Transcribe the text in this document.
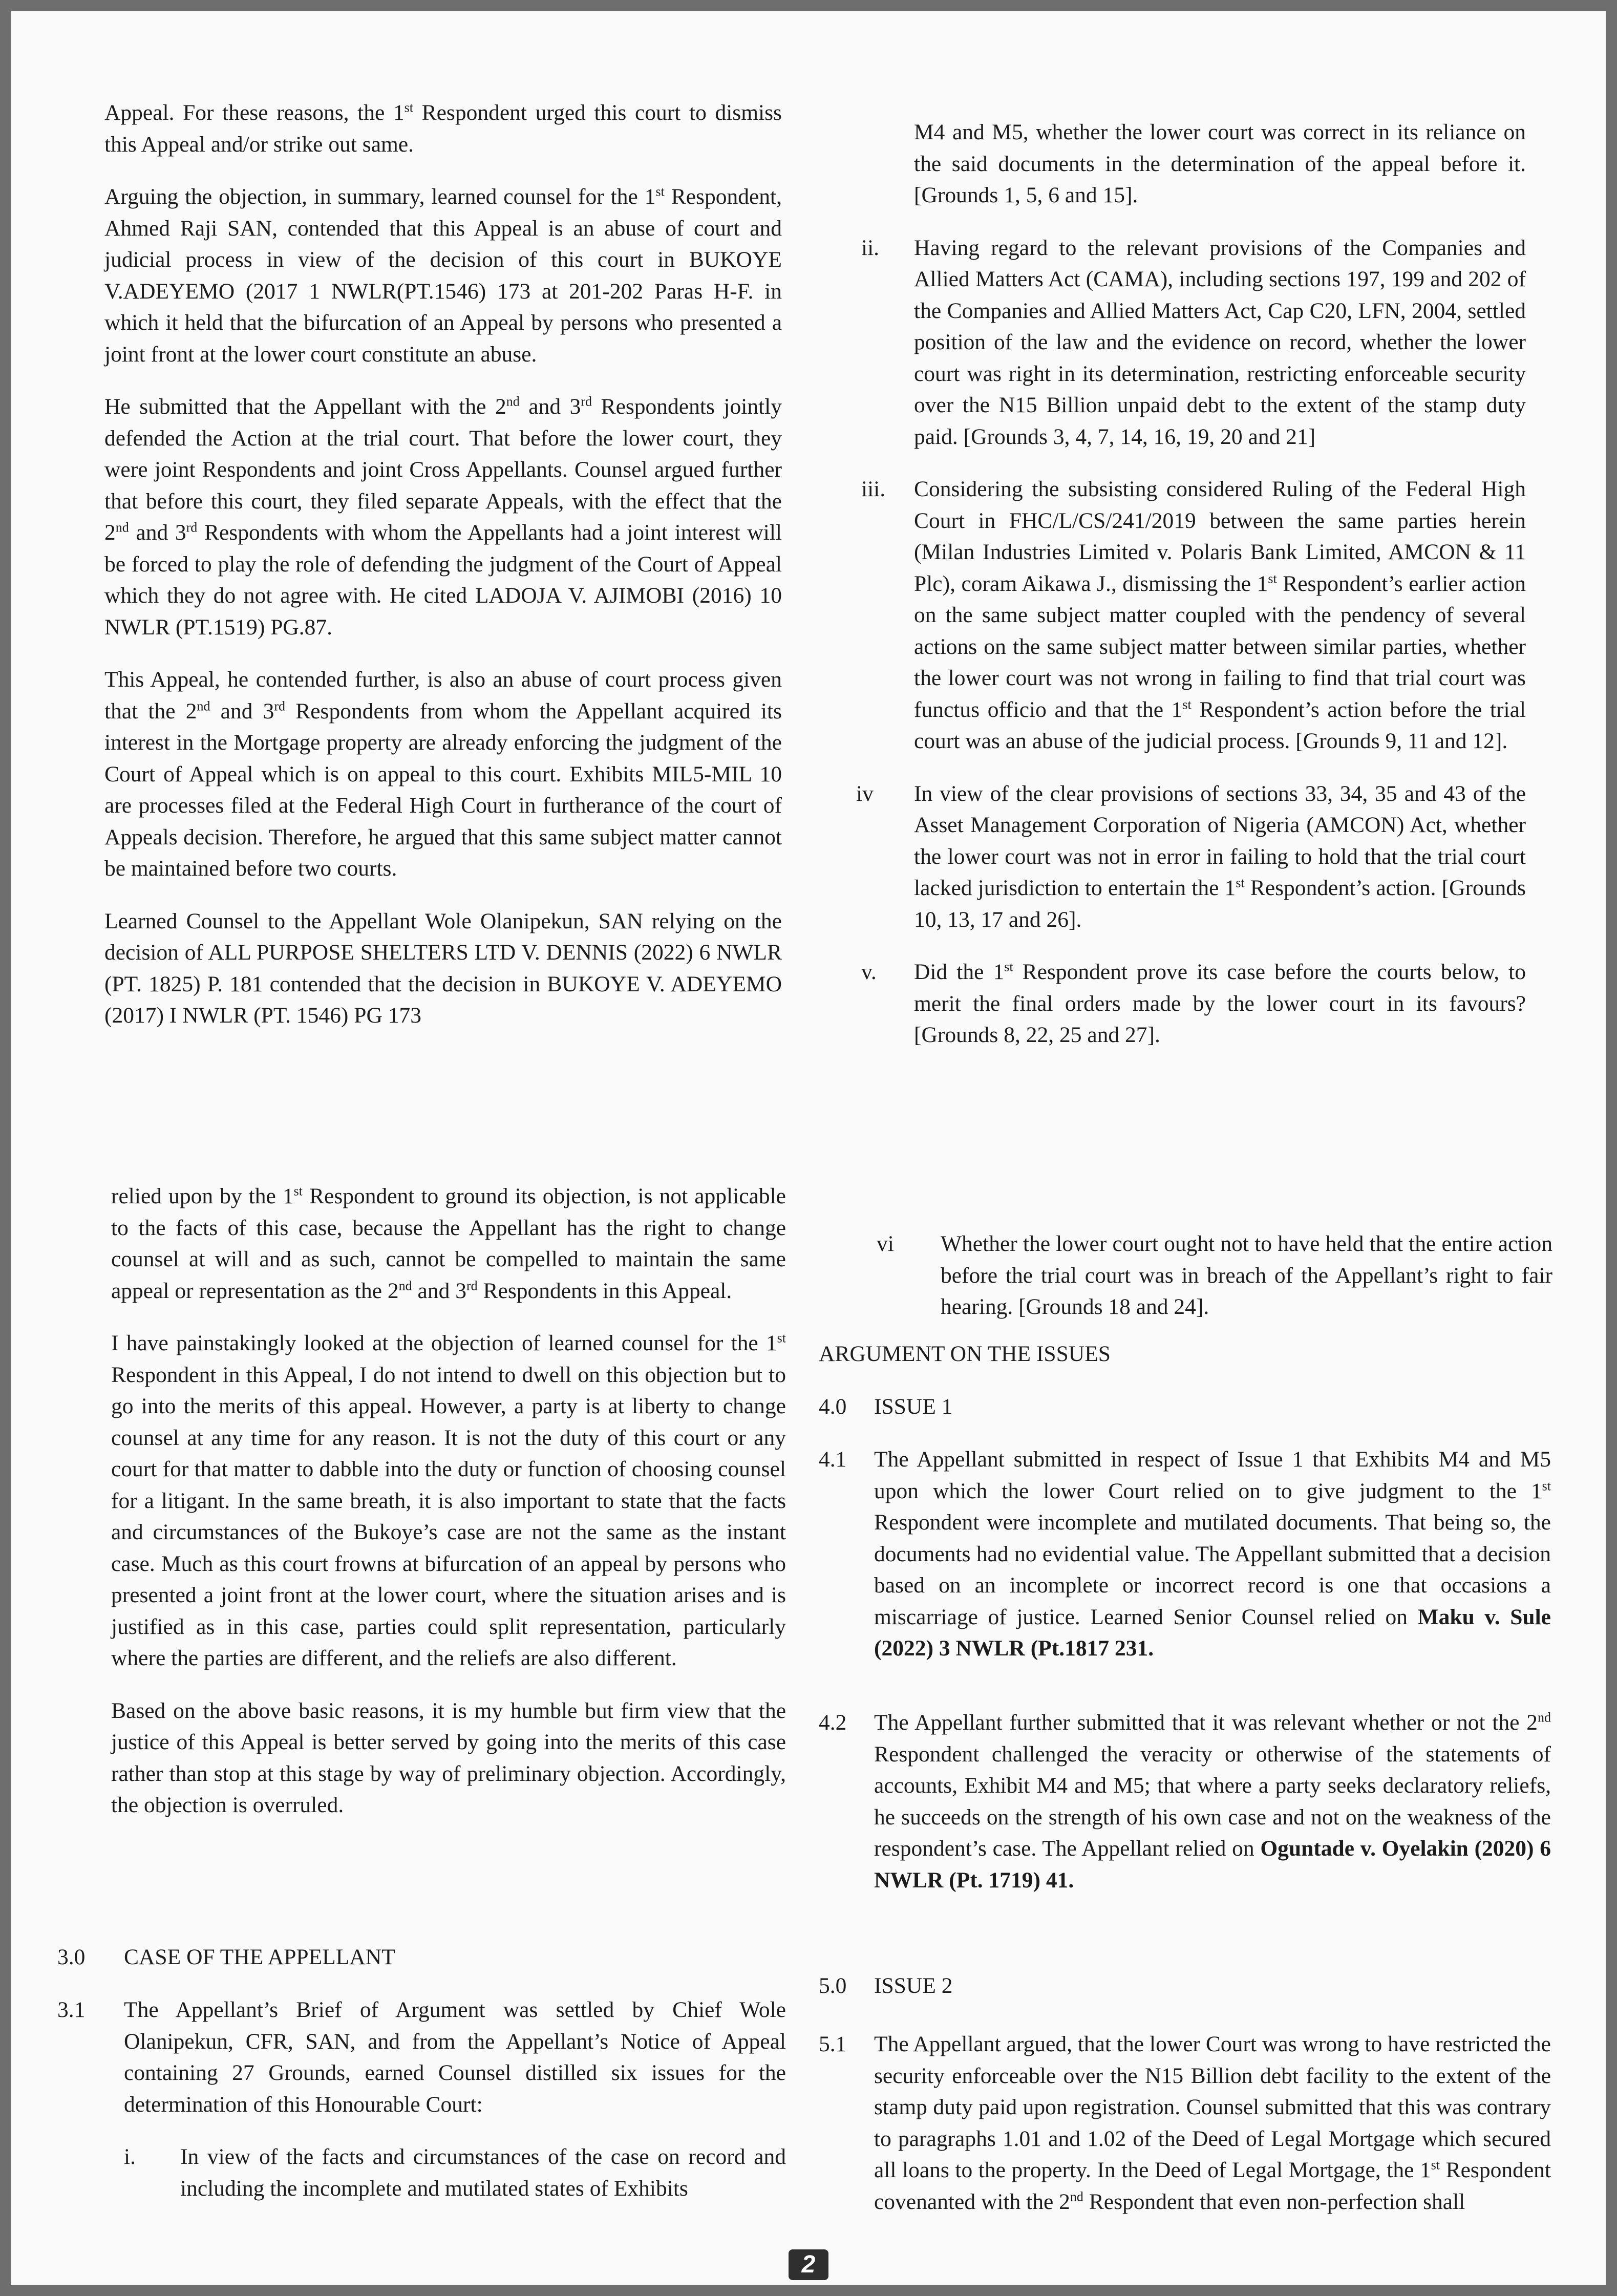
Appeal. For these reasons, the 1st Respondent urged this court to dismiss this Appeal and/or strike out same.

Arguing the objection, in summary, learned counsel for the 1st Respondent, Ahmed Raji SAN, contended that this Appeal is an abuse of court and judicial process in view of the decision of this court in BUKOYE V.ADEYEMO (2017 1 NWLR(PT.1546) 173 at 201-202 Paras H-F. in which it held that the bifurcation of an Appeal by persons who presented a joint front at the lower court constitute an abuse.

He submitted that the Appellant with the 2nd and 3rd Respondents jointly defended the Action at the trial court. That before the lower court, they were joint Respondents and joint Cross Appellants. Counsel argued further that before this court, they filed separate Appeals, with the effect that the 2nd and 3rd Respondents with whom the Appellants had a joint interest will be forced to play the role of defending the judgment of the Court of Appeal which they do not agree with. He cited LADOJA V. AJIMOBI (2016) 10 NWLR (PT.1519) PG.87.

This Appeal, he contended further, is also an abuse of court process given that the 2nd and 3rd Respondents from whom the Appellant acquired its interest in the Mortgage property are already enforcing the judgment of the Court of Appeal which is on appeal to this court. Exhibits MIL5-MIL 10 are processes filed at the Federal High Court in furtherance of the court of Appeals decision. Therefore, he argued that this same subject matter cannot be maintained before two courts.

Learned Counsel to the Appellant Wole Olanipekun, SAN relying on the decision of ALL PURPOSE SHELTERS LTD V. DENNIS (2022) 6 NWLR (PT. 1825) P. 181 contended that the decision in BUKOYE V. ADEYEMO (2017) I NWLR (PT. 1546) PG 173

M4 and M5, whether the lower court was correct in its reliance on the said documents in the determination of the appeal before it. [Grounds 1, 5, 6 and 15].

ii. Having regard to the relevant provisions of the Companies and Allied Matters Act (CAMA), including sections 197, 199 and 202 of the Companies and Allied Matters Act, Cap C20, LFN, 2004, settled position of the law and the evidence on record, whether the lower court was right in its determination, restricting enforceable security over the N15 Billion unpaid debt to the extent of the stamp duty paid. [Grounds 3, 4, 7, 14, 16, 19, 20 and 21]

iii. Considering the subsisting considered Ruling of the Federal High Court in FHC/L/CS/241/2019 between the same parties herein (Milan Industries Limited v. Polaris Bank Limited, AMCON & 11 Plc), coram Aikawa J., dismissing the 1st Respondent’s earlier action on the same subject matter coupled with the pendency of several actions on the same subject matter between similar parties, whether the lower court was not wrong in failing to find that trial court was functus officio and that the 1st Respondent’s action before the trial court was an abuse of the judicial process. [Grounds 9, 11 and 12].

iv In view of the clear provisions of sections 33, 34, 35 and 43 of the Asset Management Corporation of Nigeria (AMCON) Act, whether the lower court was not in error in failing to hold that the trial court lacked jurisdiction to entertain the 1st Respondent’s action. [Grounds 10, 13, 17 and 26].

v. Did the 1st Respondent prove its case before the courts below, to merit the final orders made by the lower court in its favours? [Grounds 8, 22, 25 and 27].

relied upon by the 1st Respondent to ground its objection, is not applicable to the facts of this case, because the Appellant has the right to change counsel at will and as such, cannot be compelled to maintain the same appeal or representation as the 2nd and 3rd Respondents in this Appeal.

I have painstakingly looked at the objection of learned counsel for the 1st Respondent in this Appeal, I do not intend to dwell on this objection but to go into the merits of this appeal. However, a party is at liberty to change counsel at any time for any reason. It is not the duty of this court or any court for that matter to dabble into the duty or function of choosing counsel for a litigant. In the same breath, it is also important to state that the facts and circumstances of the Bukoye’s case are not the same as the instant case. Much as this court frowns at bifurcation of an appeal by persons who presented a joint front at the lower court, where the situation arises and is justified as in this case, parties could split representation, particularly where the parties are different, and the reliefs are also different.

Based on the above basic reasons, it is my humble but firm view that the justice of this Appeal is better served by going into the merits of this case rather than stop at this stage by way of preliminary objection. Accordingly, the objection is overruled.

3.0 CASE OF THE APPELLANT
3.1 The Appellant’s Brief of Argument was settled by Chief Wole Olanipekun, CFR, SAN, and from the Appellant’s Notice of Appeal containing 27 Grounds, earned Counsel distilled six issues for the determination of this Honourable Court:

i. In view of the facts and circumstances of the case on record and including the incomplete and mutilated states of Exhibits

vi Whether the lower court ought not to have held that the entire action before the trial court was in breach of the Appellant’s right to fair hearing. [Grounds 18 and 24].

ARGUMENT ON THE ISSUES
4.0 ISSUE 1
4.1 The Appellant submitted in respect of Issue 1 that Exhibits M4 and M5 upon which the lower Court relied on to give judgment to the 1st Respondent were incomplete and mutilated documents. That being so, the documents had no evidential value. The Appellant submitted that a decision based on an incomplete or incorrect record is one that occasions a miscarriage of justice. Learned Senior Counsel relied on Maku v. Sule (2022) 3 NWLR (Pt.1817 231.

4.2 The Appellant further submitted that it was relevant whether or not the 2nd Respondent challenged the veracity or otherwise of the statements of accounts, Exhibit M4 and M5; that where a party seeks declaratory reliefs, he succeeds on the strength of his own case and not on the weakness of the respondent’s case. The Appellant relied on Oguntade v. Oyelakin (2020) 6 NWLR (Pt. 1719) 41.

5.0 ISSUE 2
5.1 The Appellant argued, that the lower Court was wrong to have restricted the security enforceable over the N15 Billion debt facility to the extent of the stamp duty paid upon registration. Counsel submitted that this was contrary to paragraphs 1.01 and 1.02 of the Deed of Legal Mortgage which secured all loans to the property. In the Deed of Legal Mortgage, the 1st Respondent covenanted with the 2nd Respondent that even non-perfection shall

2
